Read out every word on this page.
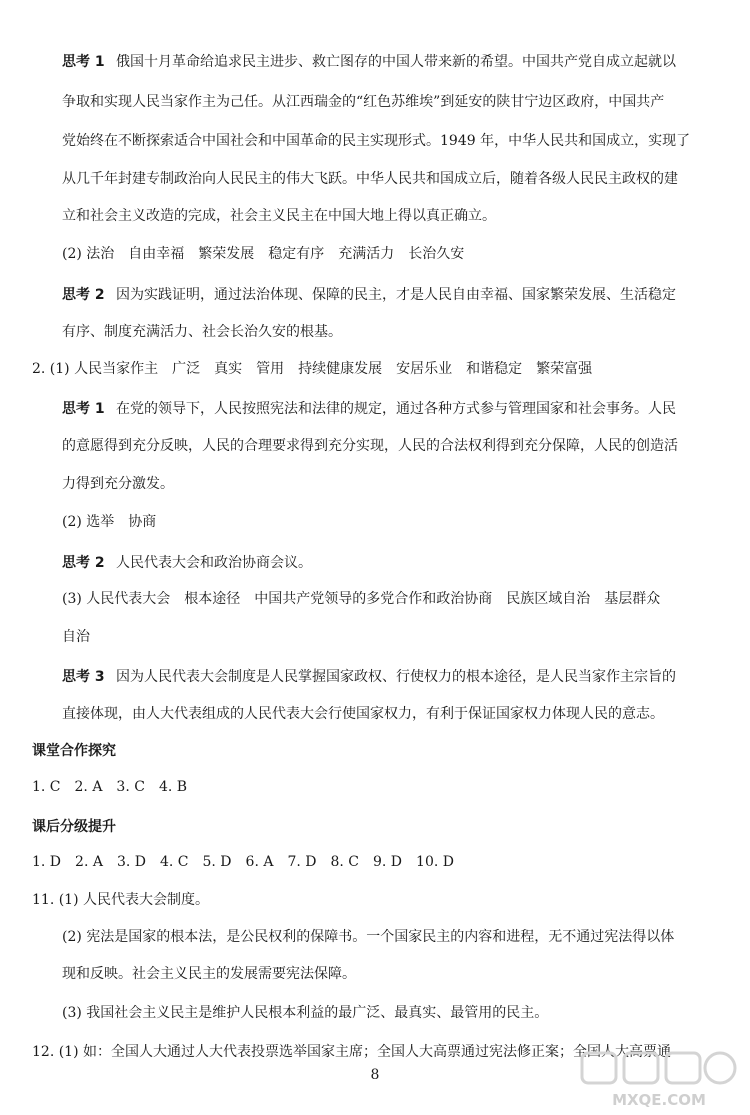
思考 1 俄国十月革命给追求民主进步、救亡图存的中国人带来新的希望。中国共产党自成立起就以
争取和实现人民当家作主为己任。从江西瑞金的“红色苏维埃”到延安的陕甘宁边区政府，中国共产
党始终在不断探索适合中国社会和中国革命的民主实现形式。1949 年，中华人民共和国成立，实现了
从几千年封建专制政治向人民民主的伟大飞跃。中华人民共和国成立后，随着各级人民民主政权的建
立和社会主义改造的完成，社会主义民主在中国大地上得以真正确立。
(2) 法治　自由幸福　繁荣发展　稳定有序　充满活力　长治久安
思考 2 因为实践证明，通过法治体现、保障的民主，才是人民自由幸福、国家繁荣发展、生活稳定
有序、制度充满活力、社会长治久安的根基。
2. (1) 人民当家作主　广泛　真实　管用　持续健康发展　安居乐业　和谐稳定　繁荣富强
思考 1 在党的领导下，人民按照宪法和法律的规定，通过各种方式参与管理国家和社会事务。人民
的意愿得到充分反映，人民的合理要求得到充分实现，人民的合法权利得到充分保障，人民的创造活
力得到充分激发。
(2) 选举　协商
思考 2 人民代表大会和政治协商会议。
(3) 人民代表大会　根本途径　中国共产党领导的多党合作和政治协商　民族区域自治　基层群众
自治
思考 3 因为人民代表大会制度是人民掌握国家政权、行使权力的根本途径，是人民当家作主宗旨的
直接体现，由人大代表组成的人民代表大会行使国家权力，有利于保证国家权力体现人民的意志。
课堂合作探究
1. C　2. A　3. C　4. B
课后分级提升
1. D　2. A　3. D　4. C　5. D　6. A　7. D　8. C　9. D　10. D
11. (1) 人民代表大会制度。
(2) 宪法是国家的根本法，是公民权利的保障书。一个国家民主的内容和进程，无不通过宪法得以体
现和反映。社会主义民主的发展需要宪法保障。
(3) 我国社会主义民主是维护人民根本利益的最广泛、最真实、最管用的民主。
12. (1) 如：全国人大通过人大代表投票选举国家主席；全国人大高票通过宪法修正案；全国人大高票通
8
MXQE.COM
